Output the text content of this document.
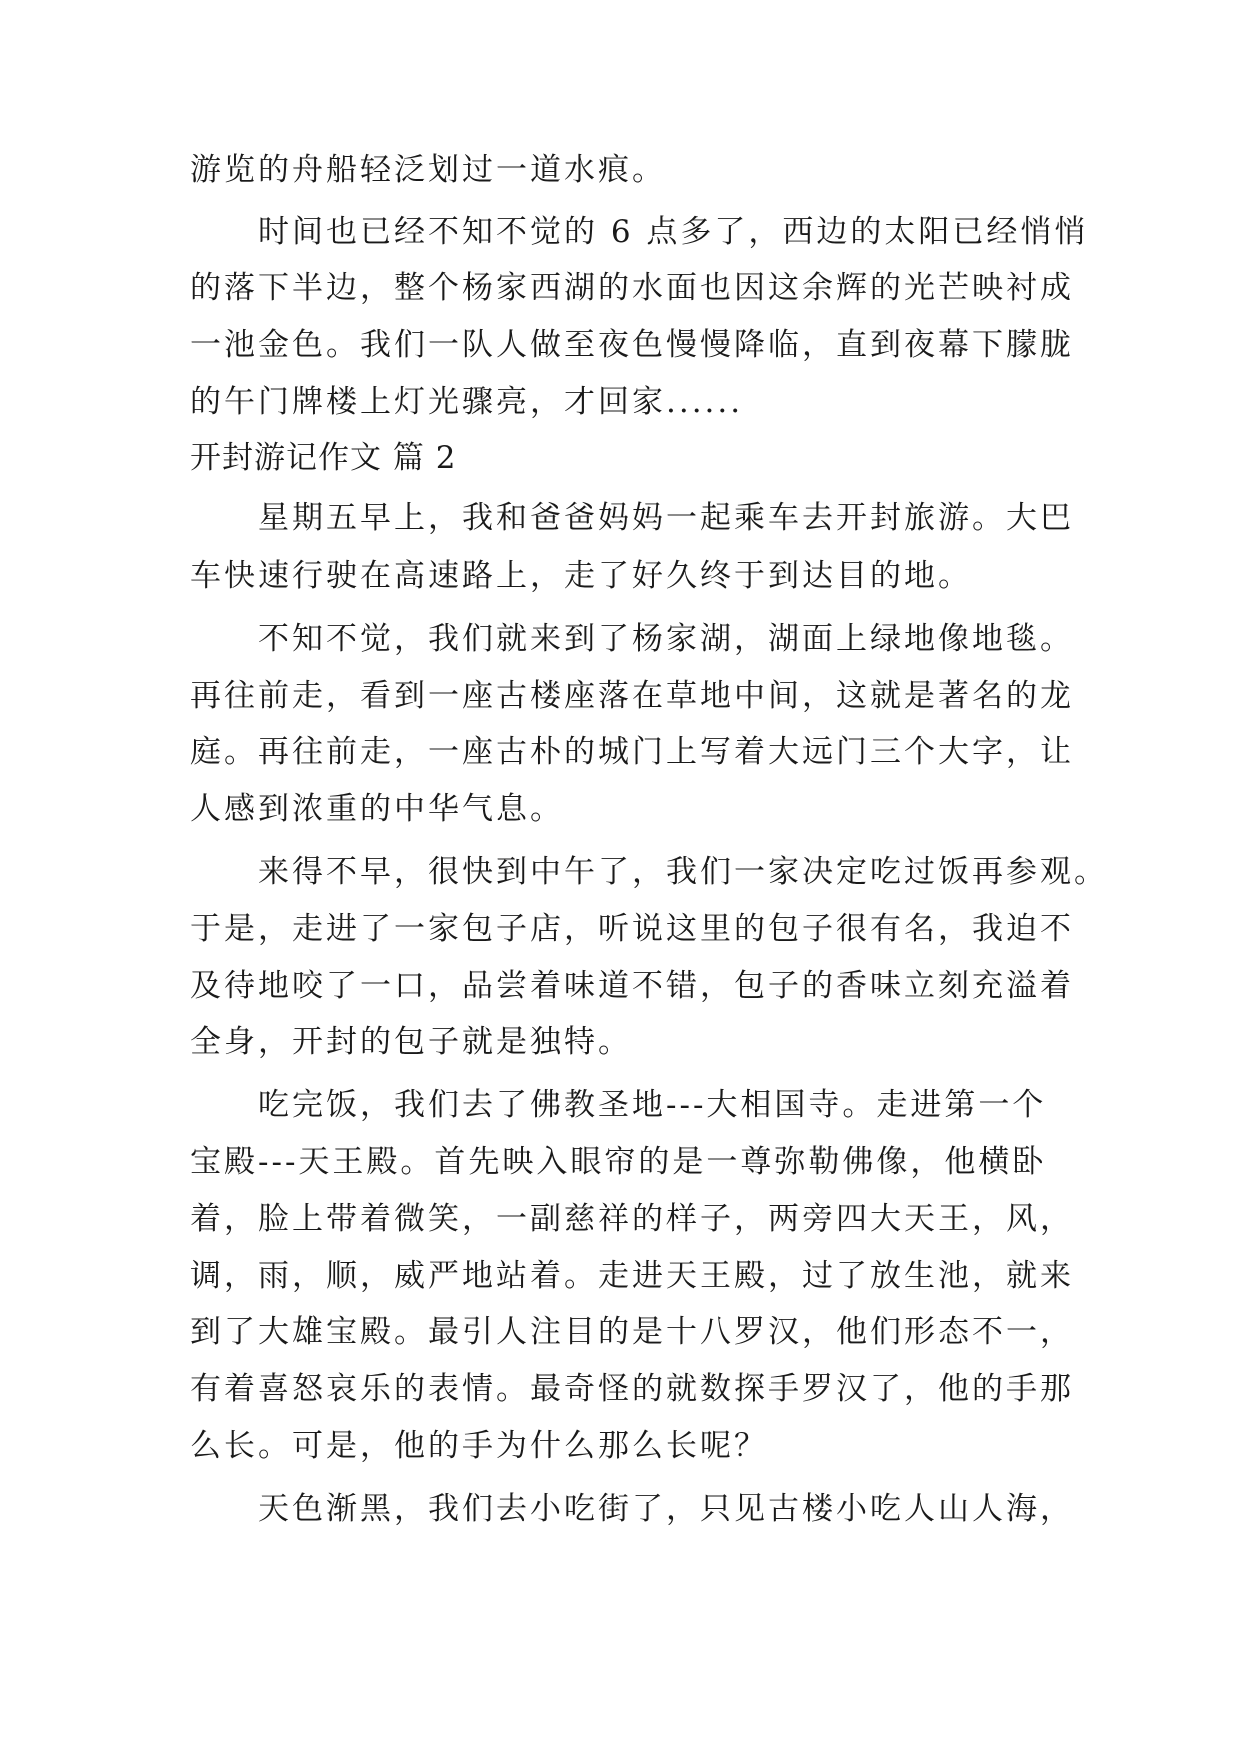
游览的舟船轻泛划过一道水痕。
时间也已经不知不觉的 6 点多了，西边的太阳已经悄悄
的落下半边，整个杨家西湖的水面也因这余辉的光芒映衬成
一池金色。我们一队人做至夜色慢慢降临，直到夜幕下朦胧
的午门牌楼上灯光骤亮，才回家......
开封游记作文 篇 2
星期五早上，我和爸爸妈妈一起乘车去开封旅游。大巴
车快速行驶在高速路上，走了好久终于到达目的地。
不知不觉，我们就来到了杨家湖，湖面上绿地像地毯。
再往前走，看到一座古楼座落在草地中间，这就是著名的龙
庭。再往前走，一座古朴的城门上写着大远门三个大字，让
人感到浓重的中华气息。
来得不早，很快到中午了，我们一家决定吃过饭再参观。
于是，走进了一家包子店，听说这里的包子很有名，我迫不
及待地咬了一口，品尝着味道不错，包子的香味立刻充溢着
全身，开封的包子就是独特。
吃完饭，我们去了佛教圣地---大相国寺。走进第一个
宝殿---天王殿。首先映入眼帘的是一尊弥勒佛像，他横卧
着，脸上带着微笑，一副慈祥的样子，两旁四大天王，风，
调，雨，顺，威严地站着。走进天王殿，过了放生池，就来
到了大雄宝殿。最引人注目的是十八罗汉，他们形态不一，
有着喜怒哀乐的表情。最奇怪的就数探手罗汉了，他的手那
么长。可是，他的手为什么那么长呢？
天色渐黑，我们去小吃街了，只见古楼小吃人山人海，
